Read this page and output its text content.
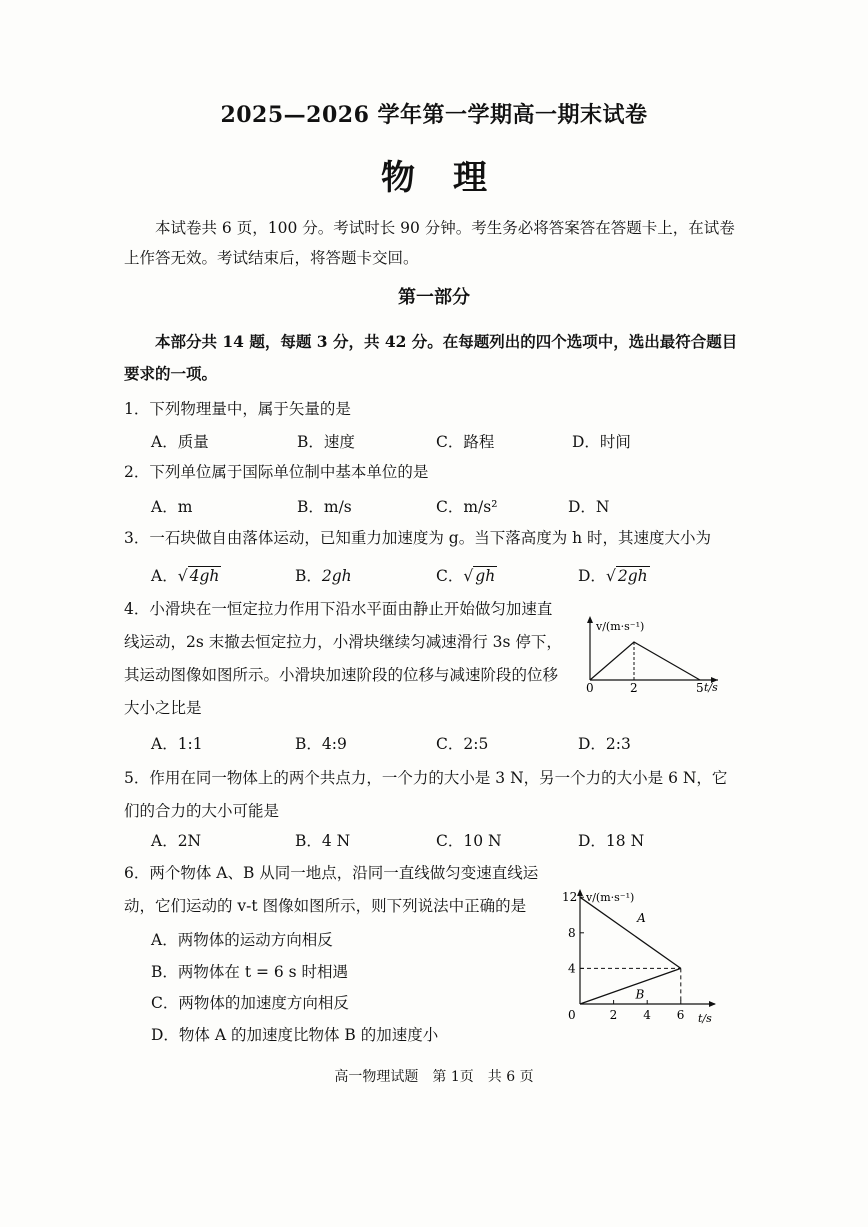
2025—2026 学年第一学期高一期末试卷
物理
本试卷共 6 页，100 分。考试时长 90 分钟。考生务必将答案答在答题卡上，在试卷
上作答无效。考试结束后，将答题卡交回。
第一部分
本部分共 14 题，每题 3 分，共 42 分。在每题列出的四个选项中，选出最符合题目
要求的一项。
1．下列物理量中，属于矢量的是
A．质量	B．速度	C．路程	D．时间
2．下列单位属于国际单位制中基本单位的是
A．m	B．m/s	C．m/s²	D．N
3．一石块做自由落体运动，已知重力加速度为 g。当下落高度为 h 时，其速度大小为
A．√ 4gh	B．2gh	C．√ gh	D．√ 2gh
4．小滑块在一恒定拉力作用下沿水平面由静止开始做匀加速直
线运动，2s 末撤去恒定拉力，小滑块继续匀减速滑行 3s 停下，
其运动图像如图所示。小滑块加速阶段的位移与减速阶段的位移
大小之比是
A．1:1	B．4:9	C．2:5	D．2:3
v/(m·s⁻¹)
t/s
0	2	5
5．作用在同一物体上的两个共点力，一个力的大小是 3 N，另一个力的大小是 6 N，它
们的合力的大小可能是
A．2N	B．4 N	C．10 N	D．18 N
6．两个物体 A、B 从同一地点，沿同一直线做匀变速直线运
动，它们运动的 v-t 图像如图所示，则下列说法中正确的是
A．两物体的运动方向相反
B．两物体在 t = 6 s 时相遇
C．两物体的加速度方向相反
D．物体 A 的加速度比物体 B 的加速度小
v/(m·s⁻¹)
t/s
A
B
4
8
12
0	2 4 6
高一物理试题　第 1页　共 6 页
